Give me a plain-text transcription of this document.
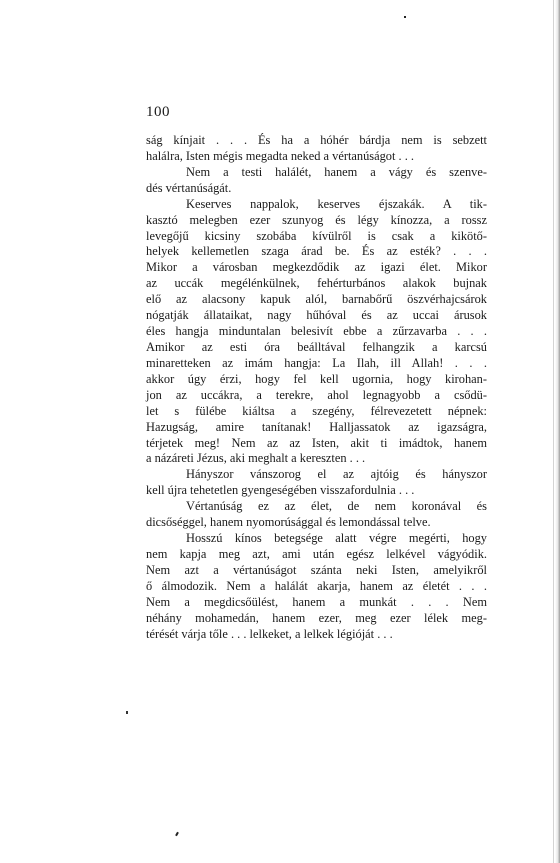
100
ság kínjait . . . És ha a hóhér bárdja nem is sebzett
halálra, Isten mégis megadta neked a vértanúságot . . .
Nem a testi halálét, hanem a vágy és szenve-
dés vértanúságát.
Keserves nappalok, keserves éjszakák. A tik-
kasztó melegben ezer szunyog és légy kínozza, a rossz
levegőjű kicsiny szobába kívülről is csak a kikötő-
helyek kellemetlen szaga árad be. És az esték? . . .
Mikor a városban megkezdődik az igazi élet. Mikor
az uccák megélénkülnek, fehérturbános alakok bujnak
elő az alacsony kapuk alól, barnabőrű öszvérhajcsárok
nógatják állataikat, nagy hűhóval és az uccai árusok
éles hangja minduntalan belesivít ebbe a zűrzavarba . . .
Amikor az esti óra beálltával felhangzik a karcsú
minaretteken az imám hangja: La Ilah, ill Allah! . . .
akkor úgy érzi, hogy fel kell ugornia, hogy kirohan-
jon az uccákra, a terekre, ahol legnagyobb a csődü-
let s fülébe kiáltsa a szegény, félrevezetett népnek:
Hazugság, amire tanítanak! Halljassatok az igazságra,
térjetek meg! Nem az az Isten, akit ti imádtok, hanem
a názáreti Jézus, aki meghalt a kereszten . . .
Hányszor vánszorog el az ajtóig és hányszor
kell újra tehetetlen gyengeségében visszafordulnia . . .
Vértanúság ez az élet, de nem koronával és
dicsőséggel, hanem nyomorúsággal és lemondással telve.
Hosszú kínos betegsége alatt végre megérti, hogy
nem kapja meg azt, ami után egész lelkével vágyódik.
Nem azt a vértanúságot szánta neki Isten, amelyikről
ő álmodozik. Nem a halálát akarja, hanem az életét . . .
Nem a megdicsőülést, hanem a munkát . . . Nem
néhány mohamedán, hanem ezer, meg ezer lélek meg-
térését várja tőle . . . lelkeket, a lelkek légióját . . .
